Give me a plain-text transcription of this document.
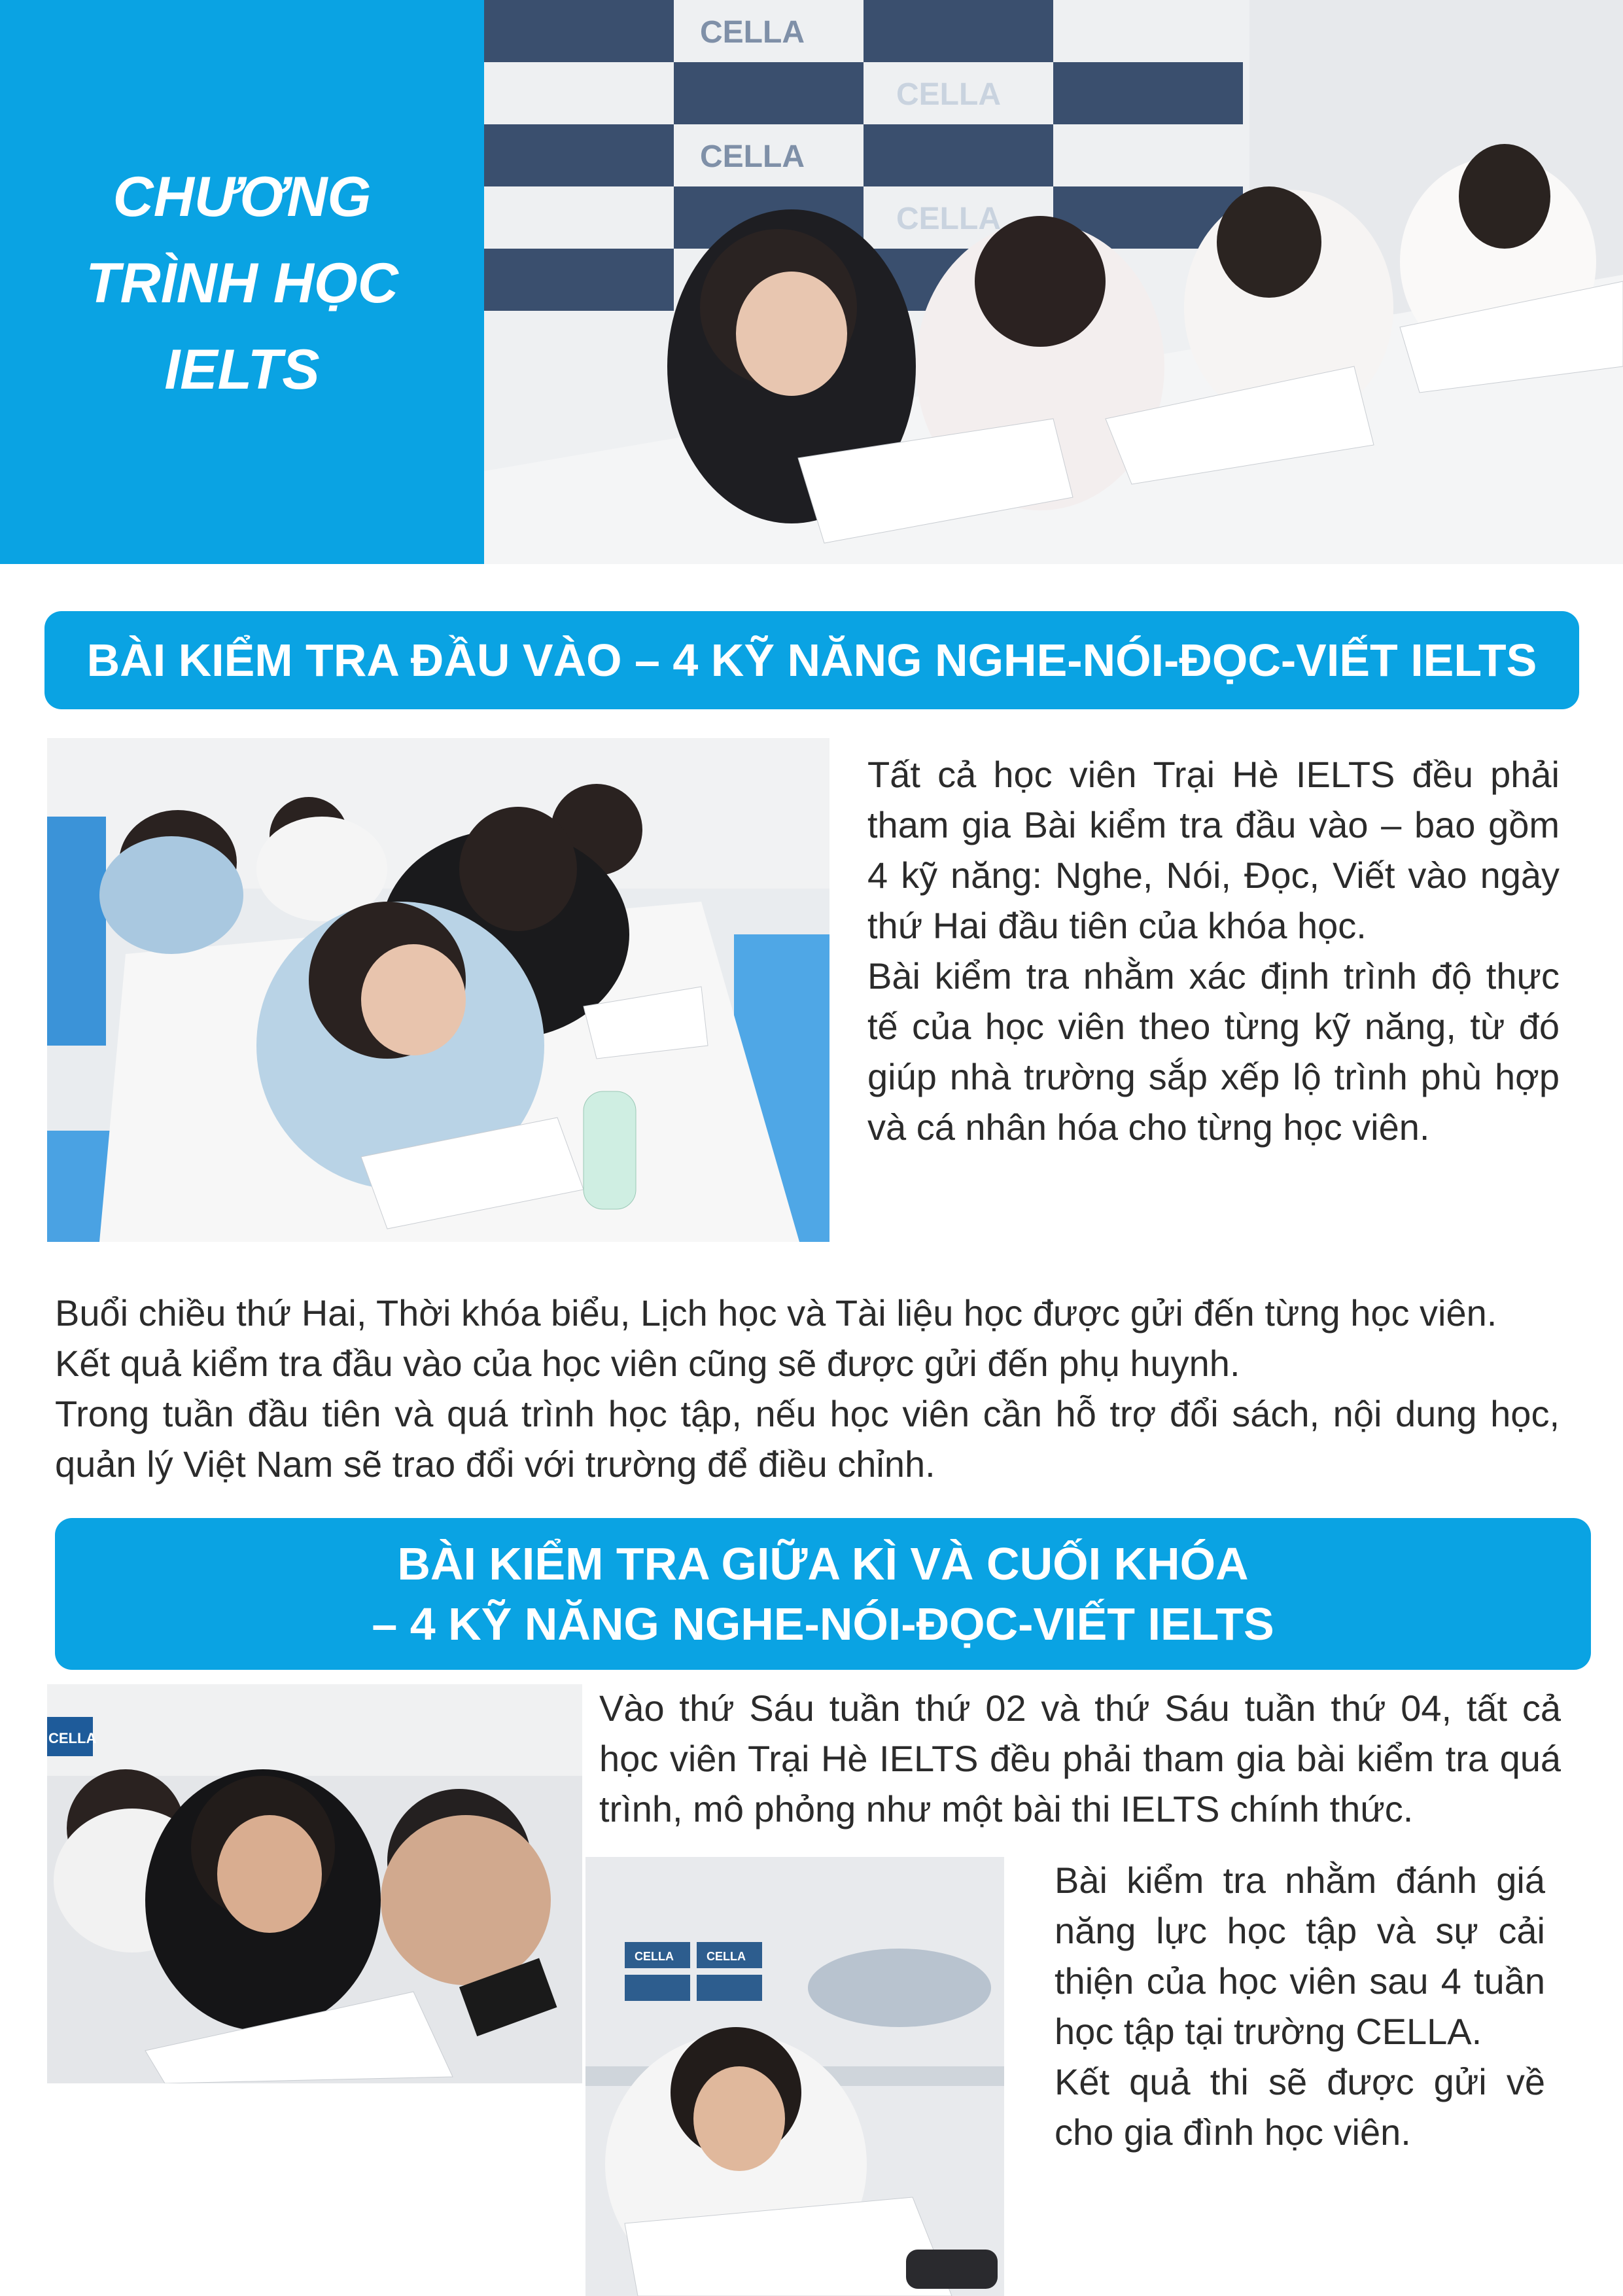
CHƯƠNG
TRÌNH HỌC
IELTS
CELLA
CELLA
CELLA
CELLA
BÀI KIỂM TRA ĐẦU VÀO – 4 KỸ NĂNG NGHE-NÓI-ĐỌC-VIẾT IELTS

Tất cả học viên Trại Hè IELTS đều phải tham gia Bài kiểm tra đầu vào – bao gồm 4 kỹ năng: Nghe, Nói, Đọc, Viết vào ngày thứ Hai đầu tiên của khóa học.

Bài kiểm tra nhằm xác định trình độ thực tế của học viên theo từng kỹ năng, từ đó giúp nhà trường sắp xếp lộ trình phù hợp và cá nhân hóa cho từng học viên.

Buổi chiều thứ Hai, Thời khóa biểu, Lịch học và Tài liệu học được gửi đến từng học viên.

Kết quả kiểm tra đầu vào của học viên cũng sẽ được gửi đến phụ huynh.

Trong tuần đầu tiên và quá trình học tập, nếu học viên cần hỗ trợ đổi sách, nội dung học, quản lý Việt Nam sẽ trao đổi với trường để điều chỉnh.

BÀI KIỂM TRA GIỮA KÌ VÀ CUỐI KHÓA
– 4 KỸ NĂNG NGHE-NÓI-ĐỌC-VIẾT IELTS
CELLA
Vào thứ Sáu tuần thứ 02 và thứ Sáu tuần thứ 04, tất cả học viên Trại Hè IELTS đều phải tham gia bài kiểm tra quá trình, mô phỏng như một bài thi IELTS chính thức.
CELLA	CELLA

Bài kiểm tra nhằm đánh giá năng lực học tập và sự cải thiện của học viên sau 4 tuần học tập tại trường CELLA.

Kết quả thi sẽ được gửi về cho gia đình học viên.
